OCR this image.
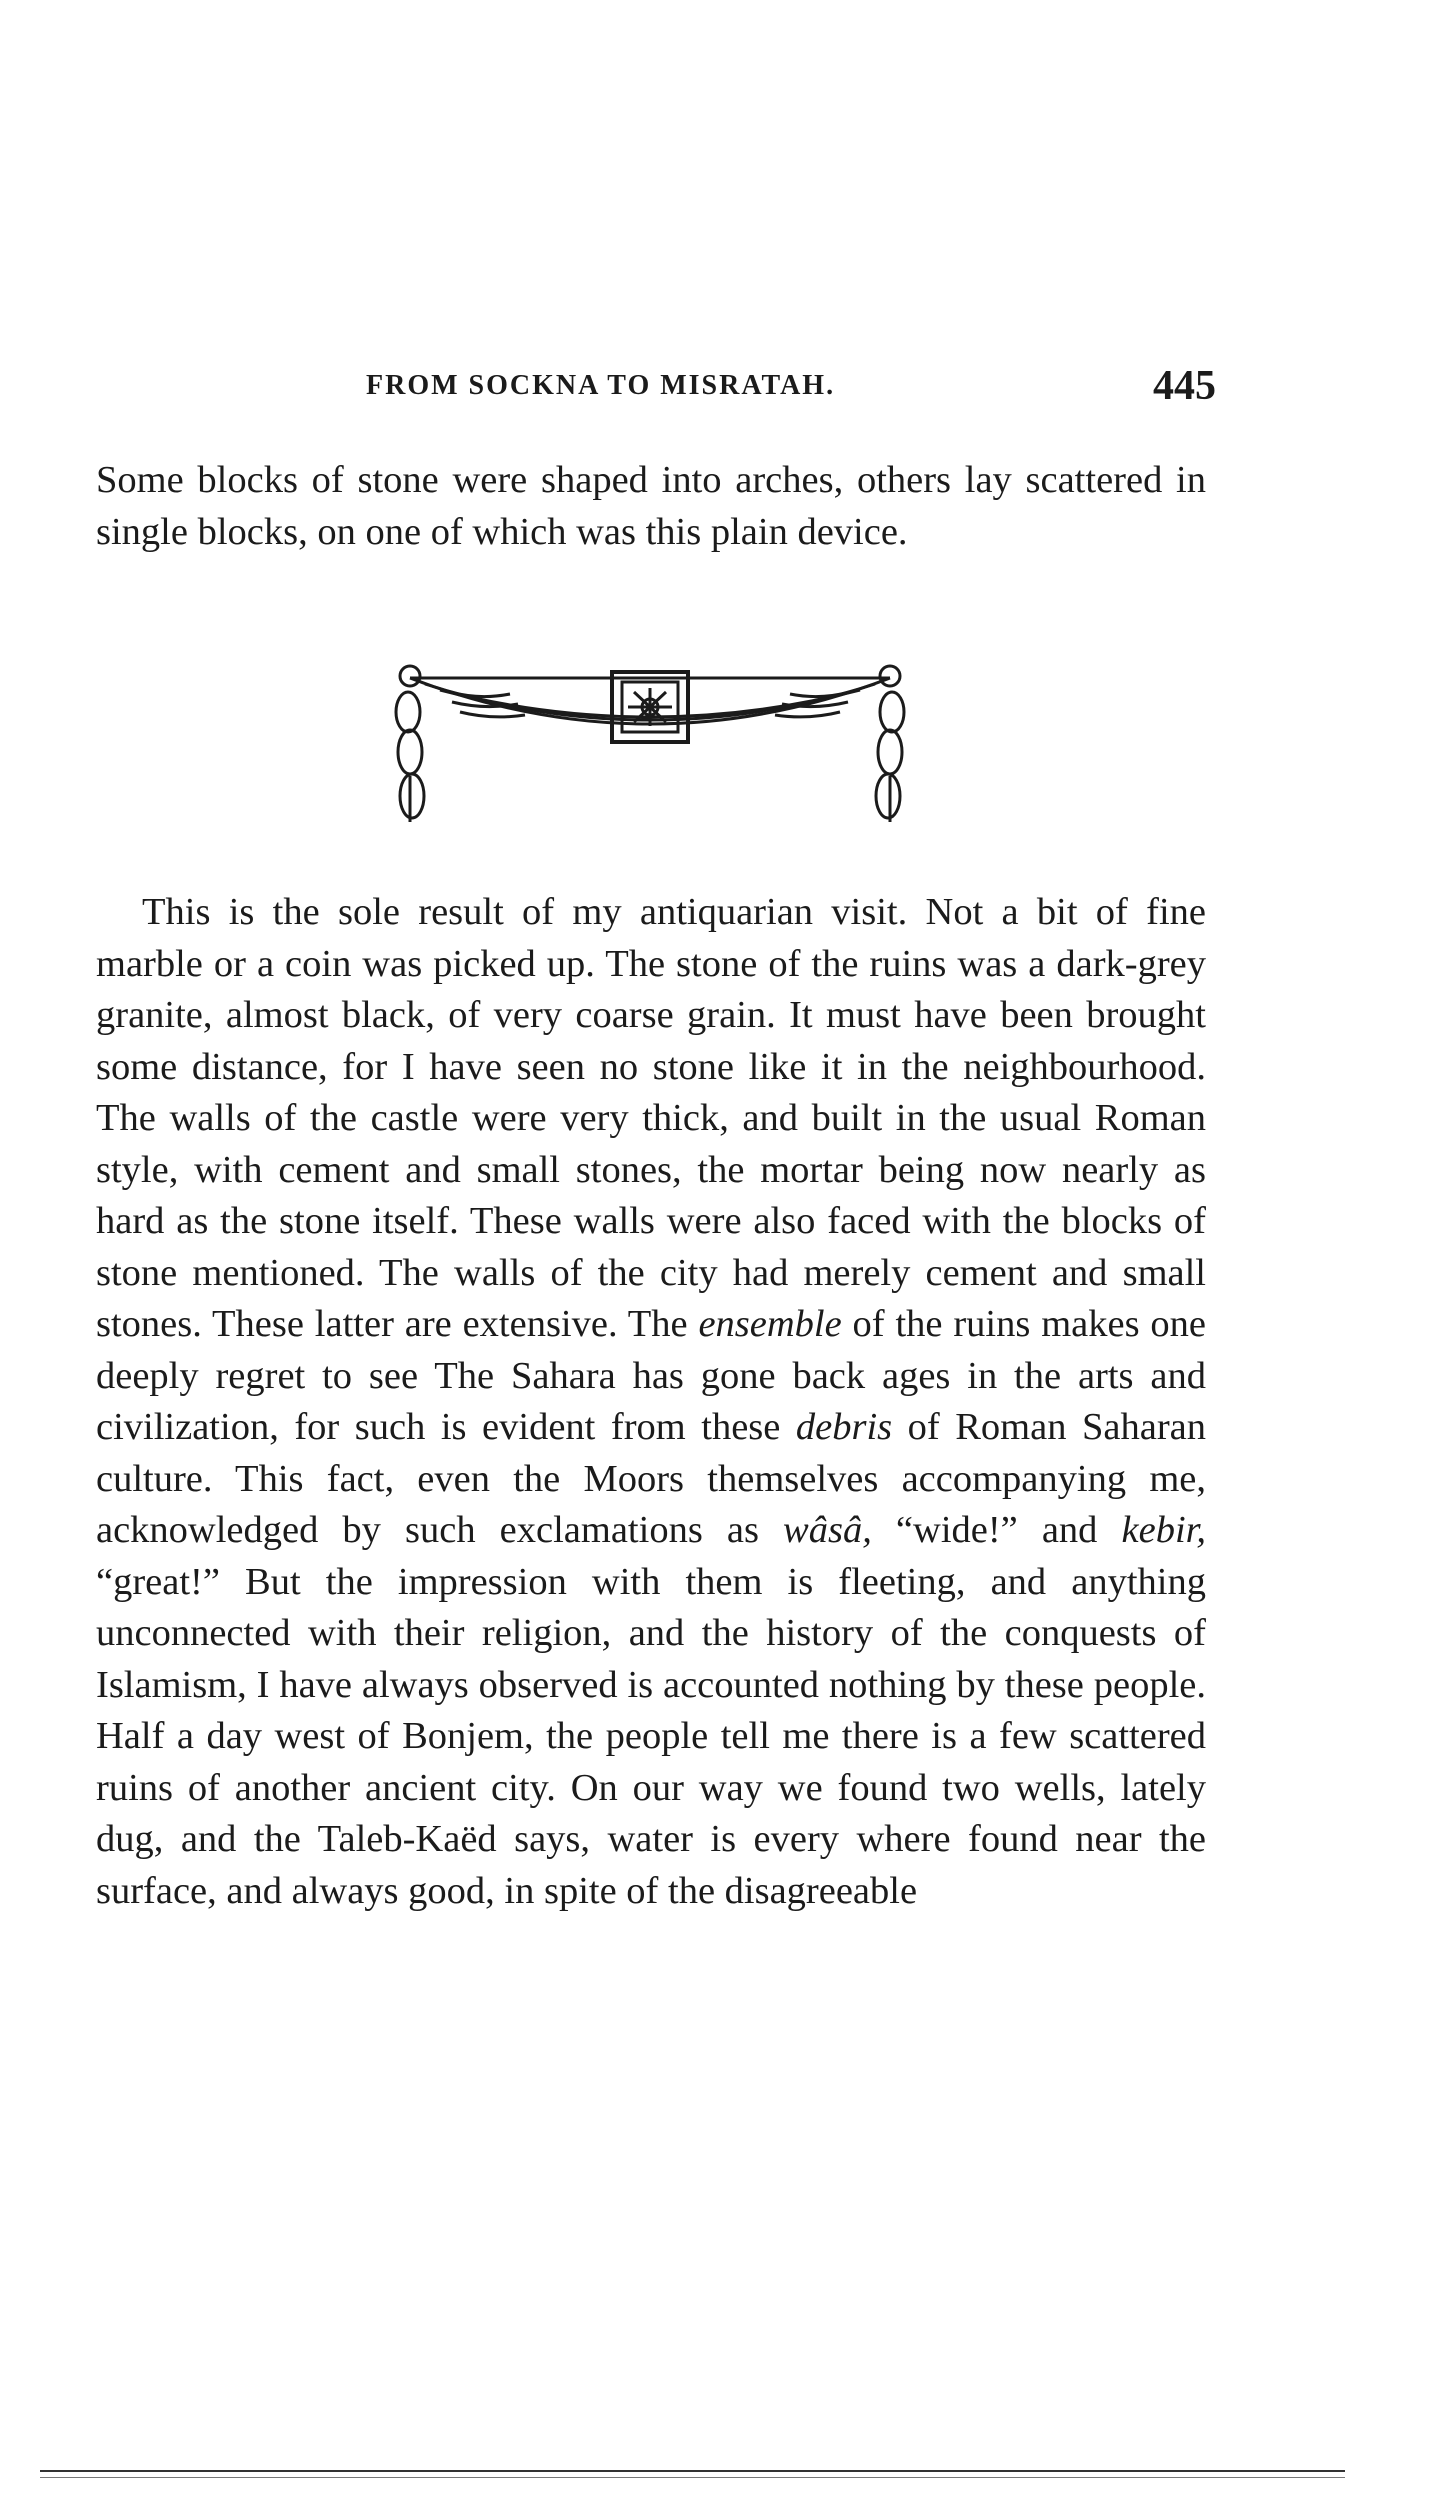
FROM SOCKNA TO MISRATAH.	445

Some blocks of stone were shaped into arches, others lay scattered in single blocks, on one of which was this plain device.

This is the sole result of my antiquarian visit. Not a bit of fine marble or a coin was picked up. The stone of the ruins was a dark-grey granite, almost black, of very coarse grain. It must have been brought some distance, for I have seen no stone like it in the neighbourhood. The walls of the castle were very thick, and built in the usual Roman style, with cement and small stones, the mortar being now nearly as hard as the stone itself. These walls were also faced with the blocks of stone mentioned. The walls of the city had merely cement and small stones. These latter are extensive. The ensemble of the ruins makes one deeply regret to see The Sahara has gone back ages in the arts and civilization, for such is evident from these debris of Roman Saharan culture. This fact, even the Moors themselves accompanying me, acknowledged by such exclamations as wâsâ, “wide!” and kebir, “great!” But the impression with them is fleeting, and anything unconnected with their religion, and the history of the conquests of Islamism, I have always observed is accounted nothing by these people. Half a day west of Bonjem, the people tell me there is a few scattered ruins of another ancient city. On our way we found two wells, lately dug, and the Taleb-Kaëd says, water is every where found near the surface, and always good, in spite of the disagreeable
